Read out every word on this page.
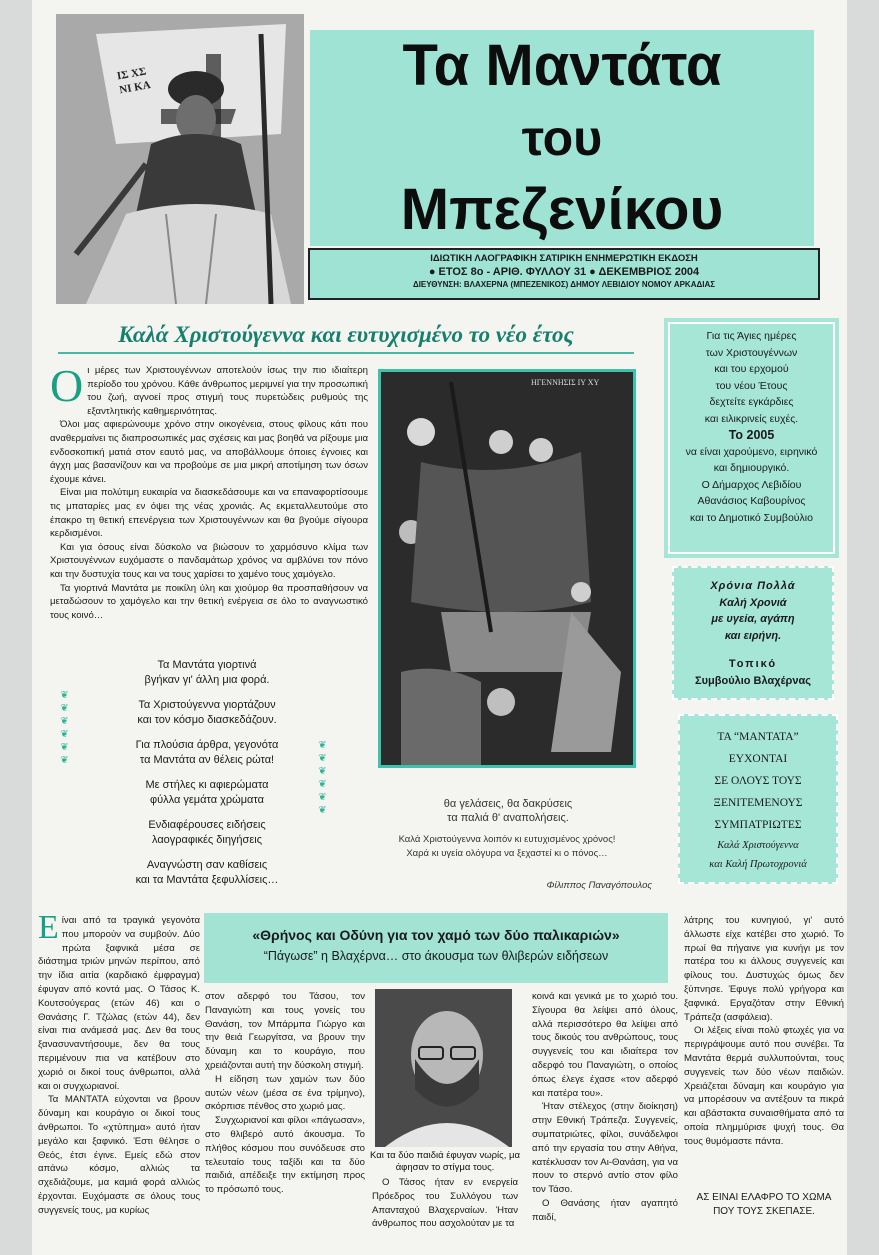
ΙΣ ΧΣ ΝΙ ΚΑ	Τα Μαντάτα
του
Μπεζενίκου
ΙΔΙΩΤΙΚΗ ΛΑΟΓΡΑΦΙΚΗ ΣΑΤΙΡΙΚΗ ΕΝΗΜΕΡΩΤΙΚΗ ΕΚΔΟΣΗ
● ΕΤΟΣ 8ο - ΑΡΙΘ. ΦΥΛΛΟΥ 31 ● ΔΕΚΕΜΒΡΙΟΣ 2004
ΔΙΕΥΘΥΝΣΗ: ΒΛΑΧΕΡΝΑ (ΜΠΕΖΕΝΙΚΟΣ) ΔΗΜΟΥ ΛΕΒΙΔΙΟΥ ΝΟΜΟΥ ΑΡΚΑΔΙΑΣ
Καλά Χριστούγεννα και ευτυχισμένο το νέο έτος

Οι μέρες των Χριστουγέννων αποτελούν ίσως την πιο ιδιαίτερη περίοδο του χρόνου. Κάθε άνθρωπος μεριμνεί για την προσωπική του ζωή, αγνοεί προς στιγμή τους πυρετώδεις ρυθμούς της εξαντλητικής καθημερινότητας.

Όλοι μας αφιερώνουμε χρόνο στην οικογένεια, στους φίλους κάτι που αναθερμαίνει τις διαπροσωπικές μας σχέσεις και μας βοηθά να ρίξουμε μια ενδοσκοπική ματιά στον εαυτό μας, να αποβάλλουμε όποιες έγνοιες και άγχη μας βασανίζουν και να προβούμε σε μια μικρή αποτίμηση των όσων έχουμε κάνει.

Είναι μια πολύτιμη ευκαιρία να διασκεδάσουμε και να επαναφορτίσουμε τις μπαταρίες μας εν όψει της νέας χρονιάς. Ας εκμεταλλευτούμε στο έπακρο τη θετική επενέργεια των Χριστουγέννων και θα βγούμε σίγουρα κερδισμένοι.

Και για όσους είναι δύσκολο να βιώσουν το χαρμόσυνο κλίμα των Χριστουγέννων ευχόμαστε ο πανδαμάτωρ χρόνος να αμβλύνει τον πόνο και την δυστυχία τους και να τους χαρίσει το χαμένο τους χαμόγελο.

Τα γιορτινά Μαντάτα με ποικίλη ύλη και χιούμορ θα προσπαθήσουν να μεταδώσουν το χαμόγελο και την θετική ενέργεια σε όλο το αναγνωστικό τους κοινό…

Τα Μαντάτα γιορτινά
βγήκαν γι' άλλη μια φορά.
Τα Χριστούγεννα γιορτάζουν
και τον κόσμο διασκεδάζουν.
Για πλούσια άρθρα, γεγονότα
τα Μαντάτα αν θέλεις ρώτα!
Με στήλες κι αφιερώματα
φύλλα γεμάτα χρώματα
Ενδιαφέρουσες ειδήσεις
λαογραφικές διηγήσεις
Αναγνώστη σαν καθίσεις
και τα Μαντάτα ξεφυλλίσεις…
❦❦❦❦❦❦
❦❦❦❦❦❦
ΗΓΕΝΝΗΣΙΣ ΙΥ ΧΥ
θα γελάσεις, θα δακρύσεις
τα παλιά θ' αναπολήσεις.
Καλά Χριστούγεννα λοιπόν κι ευτυχισμένος χρόνος!
Χαρά κι υγεία ολόγυρα να ξεχαστεί κι ο πόνος…
Φίλιππος Παναγόπουλος
Για τις Άγιες ημέρες
των Χριστουγέννων
και του ερχομού
του νέου Έτους
δεχτείτε εγκάρδιες
και ειλικρινείς ευχές.
Το 2005
να είναι χαρούμενο, ειρηνικό
και δημιουργικό.
Ο Δήμαρχος Λεβιδίου
Αθανάσιος Καβουρίνος
και το Δημοτικό Συμβούλιο
Χρόνια Πολλά
Καλή Χρονιά
με υγεία, αγάπη
και ειρήνη.
Τοπικό
Συμβούλιο Βλαχέρνας
ΤΑ “ΜΑΝΤΑΤΑ”
ΕΥΧΟΝΤΑΙ
ΣΕ ΟΛΟΥΣ ΤΟΥΣ
ΞΕΝΙΤΕΜΕΝΟΥΣ
ΣΥΜΠΑΤΡΙΩΤΕΣ
Καλά Χριστούγεννα
και Καλή Πρωτοχρονιά
«Θρήνος και Οδύνη για τον χαμό των δύο παλικαριών»
“Πάγωσε” η Βλαχέρνα… στο άκουσμα των θλιβερών ειδήσεων

Είναι από τα τραγικά γεγονότα που μπορούν να συμβούν. Δύο πρώτα ξαφνικά μέσα σε διάστημα τριών μηνών περίπου, από την ίδια αιτία (καρδιακό έμφραγμα) έφυγαν από κοντά μας. Ο Τάσος Κ. Κουτσούγερας (ετών 46) και ο Θανάσης Γ. Τζώλας (ετών 44), δεν είναι πια ανάμεσά μας. Δεν θα τους ξανασυναντήσουμε, δεν θα τους περιμένουν πια να κατέβουν στο χωριό οι δικοί τους άνθρωποι, αλλά και οι συγχωριανοί.

Τα ΜΑΝΤΑΤΑ εύχονται να βρουν δύναμη και κουράγιο οι δικοί τους άνθρωποι. Το «χτύπημα» αυτό ήταν μεγάλο και ξαφνικό. Έστι θέλησε ο Θεός, έτσι έγινε. Εμείς εδώ στον απάνω κόσμο, αλλιώς τα σχεδιάζουμε, μα καμιά φορά αλλιώς έρχονται. Ευχόμαστε σε όλους τους συγγενείς τους, μα κυρίως

στον αδερφό του Τάσου, τον Παναγιώτη και τους γονείς του Θανάση, τον Μπάρμπα Γιώργο και την θειά Γεωργίτσα, να βρουν την δύναμη και το κουράγιο, που χρειάζονται αυτή την δύσκολη στιγμή.

Η είδηση των χαμών των δύο αυτών νέων (μέσα σε ένα τρίμηνο), σκόρπισε πένθος στο χωριό μας.

Συγχωριανοί και φίλοι «πάγωσαν», στο θλιβερό αυτό άκουσμα. Το πλήθος κόσμου που συνόδευσε στο τελευταίο τους ταξίδι και τα δύο παιδιά, απέδειξε την εκτίμηση προς το πρόσωπό τους.

Και τα δύο παιδιά έφυγαν νωρίς, μα άφησαν το στίγμα τους.

Ο Τάσος ήταν εν ενεργεία Πρόεδρος του Συλλόγου των Απανταχού Βλαχερναίων. Ήταν άνθρωπος που ασχολούταν με τα

κοινά και γενικά με το χωριό του. Σίγουρα θα λείψει από όλους, αλλά περισσότερο θα λείψει από τους δικούς του ανθρώπους, τους συγγενείς του και ιδιαίτερα τον αδερφό του Παναγιώτη, ο οποίος όπως έλεγε έχασε «τον αδερφό και πατέρα του».

Ήταν στέλεχος (στην διοίκηση) στην Εθνική Τράπεζα. Συγγενείς, συμπατριώτες, φίλοι, συνάδελφοι από την εργασία του στην Αθήνα, κατέκλυσαν τον Αι-Θανάση, για να πουν το στερνό αντίο στον φίλο τον Τάσο.

Ο Θανάσης ήταν αγαπητό παιδί,

λάτρης του κυνηγιού, γι' αυτό άλλωστε είχε κατέβει στο χωριό. Το πρωί θα πήγαινε για κυνήγι με τον πατέρα του κι άλλους συγγενείς και φίλους του. Δυστυχώς όμως δεν ξύπνησε. Έφυγε πολύ γρήγορα και ξαφνικά. Εργαζόταν στην Εθνική Τράπεζα (ασφάλεια).

Οι λέξεις είναι πολύ φτωχές για να περιγράψουμε αυτό που συνέβει. Τα Μαντάτα θερμά συλλυπούνται, τους συγγενείς των δύο νέων παιδιών. Χρειάζεται δύναμη και κουράγιο για να μπορέσουν να αντέξουν τα πικρά και αβάστακτα συναισθήματα από τα οποία πλημμύρισε ψυχή τους. Θα τους θυμόμαστε πάντα.

ΑΣ ΕΙΝΑΙ ΕΛΑΦΡΟ ΤΟ ΧΩΜΑ
ΠΟΥ ΤΟΥΣ ΣΚΕΠΑΣΕ.
